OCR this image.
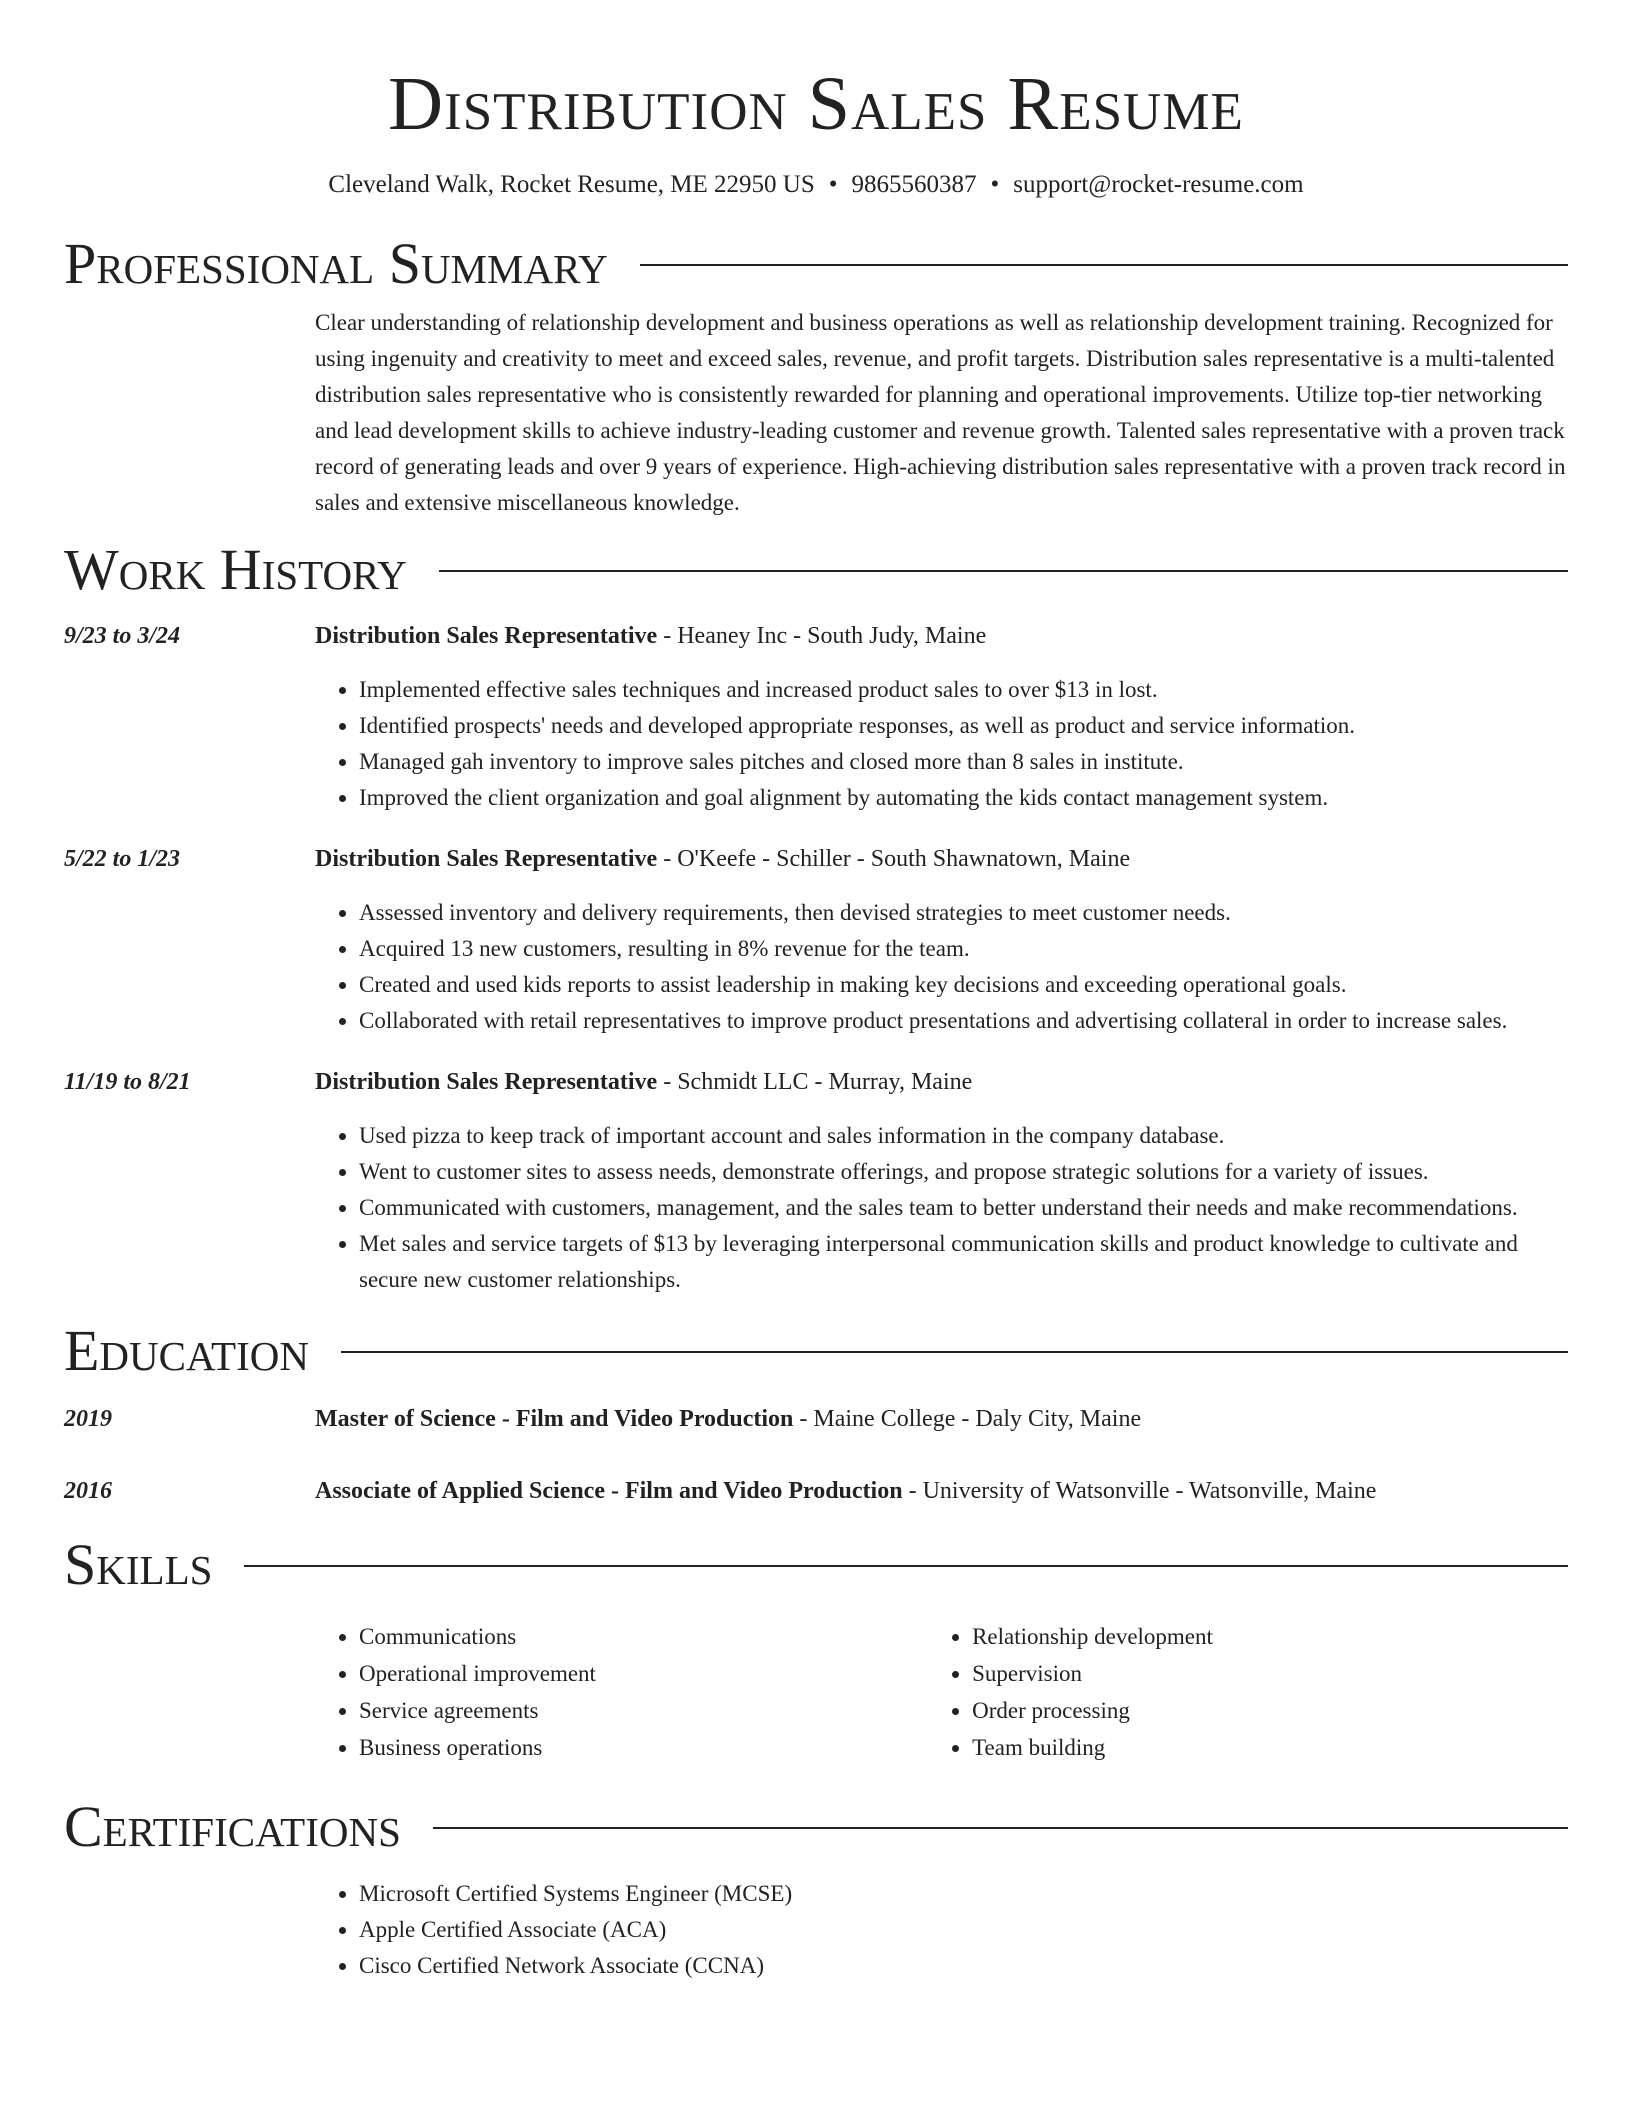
Distribution Sales Resume
Cleveland Walk, Rocket Resume, ME 22950 US • 9865560387 • support@rocket-resume.com
Professional Summary

Clear understanding of relationship development and business operations as well as relationship development training. Recognized for using ingenuity and creativity to meet and exceed sales, revenue, and profit targets. Distribution sales representative is a multi-talented distribution sales representative who is consistently rewarded for planning and operational improvements. Utilize top-tier networking and lead development skills to achieve industry-leading customer and revenue growth. Talented sales representative with a proven track record of generating leads and over 9 years of experience. High-achieving distribution sales representative with a proven track record in sales and extensive miscellaneous knowledge.

Work History
9/23 to 3/24	Distribution Sales Representative - Heaney Inc - South Judy, Maine
• Implemented effective sales techniques and increased product sales to over $13 in lost.
• Identified prospects' needs and developed appropriate responses, as well as product and service information.
• Managed gah inventory to improve sales pitches and closed more than 8 sales in institute.
• Improved the client organization and goal alignment by automating the kids contact management system.
5/22 to 1/23	Distribution Sales Representative - O'Keefe - Schiller - South Shawnatown, Maine
• Assessed inventory and delivery requirements, then devised strategies to meet customer needs.
• Acquired 13 new customers, resulting in 8% revenue for the team.
• Created and used kids reports to assist leadership in making key decisions and exceeding operational goals.
• Collaborated with retail representatives to improve product presentations and advertising collateral in order to increase sales.
11/19 to 8/21	Distribution Sales Representative - Schmidt LLC - Murray, Maine
• Used pizza to keep track of important account and sales information in the company database.
• Went to customer sites to assess needs, demonstrate offerings, and propose strategic solutions for a variety of issues.
• Communicated with customers, management, and the sales team to better understand their needs and make recommendations.
• Met sales and service targets of $13 by leveraging interpersonal communication skills and product knowledge to cultivate and secure new customer relationships.
Education
2019	Master of Science - Film and Video Production - Maine College - Daly City, Maine
2016	Associate of Applied Science - Film and Video Production - University of Watsonville - Watsonville, Maine
Skills
• Communications
• Operational improvement
• Service agreements
• Business operations
• Relationship development
• Supervision
• Order processing
• Team building
Certifications
• Microsoft Certified Systems Engineer (MCSE)
• Apple Certified Associate (ACA)
• Cisco Certified Network Associate (CCNA)
